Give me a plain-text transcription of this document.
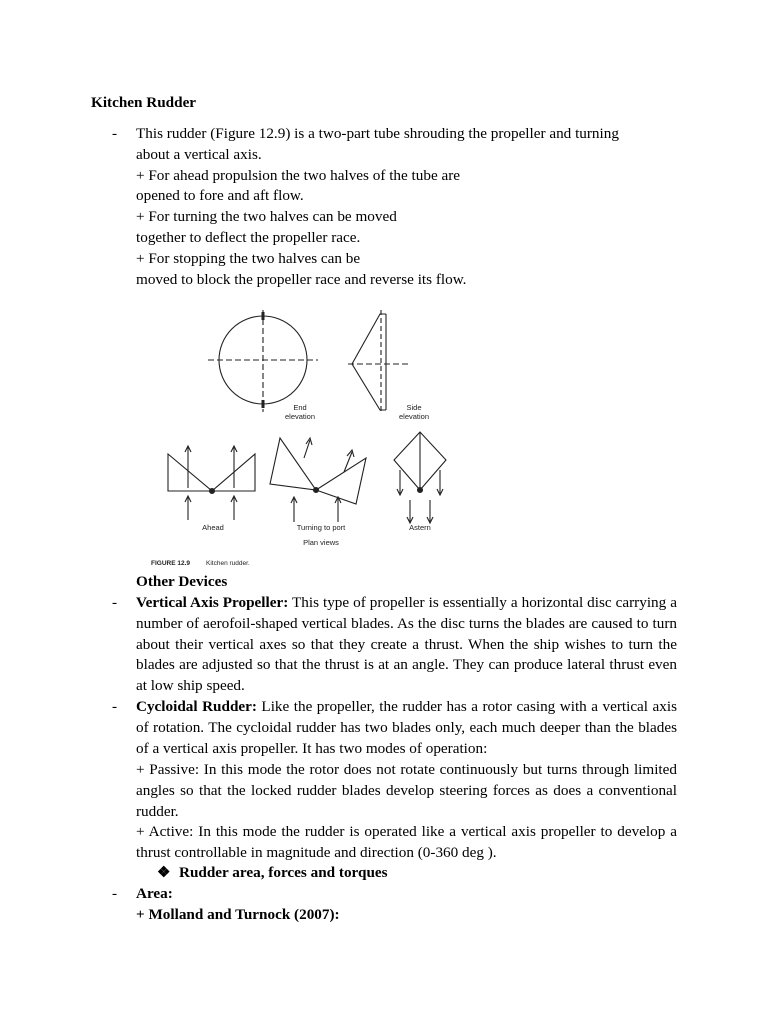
Kitchen Rudder
-	This rudder (Figure 12.9) is a two-part tube shrouding the propeller and turning
about a vertical axis.
+ For ahead propulsion the two halves of the tube are
opened to fore and aft flow.
+ For turning the two halves can be moved
together to deflect the propeller race.
+ For stopping the two halves can be
moved to block the propeller race and reverse its flow.
End
elevation
Side
elevation
Ahead	Turning to port	Astern
Plan views
FIGURE 12.9 Kitchen rudder.
Other Devices
-	Vertical Axis Propeller: This type of propeller is essentially a horizontal disc carrying a number of aerofoil-shaped vertical blades. As the disc turns the blades are caused to turn about their vertical axes so that they create a thrust. When the ship wishes to turn the blades are adjusted so that the thrust is at an angle. They can produce lateral thrust even at low ship speed.
-	Cycloidal Rudder: Like the propeller, the rudder has a rotor casing with a vertical axis of rotation. The cycloidal rudder has two blades only, each much deeper than the blades of a vertical axis propeller. It has two modes of operation:
+ Passive: In this mode the rotor does not rotate continuously but turns through limited angles so that the locked rudder blades develop steering forces as does a conventional rudder.
+ Active: In this mode the rudder is operated like a vertical axis propeller to develop a thrust controllable in magnitude and direction (0-360 deg ).
❖ Rudder area, forces and torques
-	Area:
+ Molland and Turnock (2007):
